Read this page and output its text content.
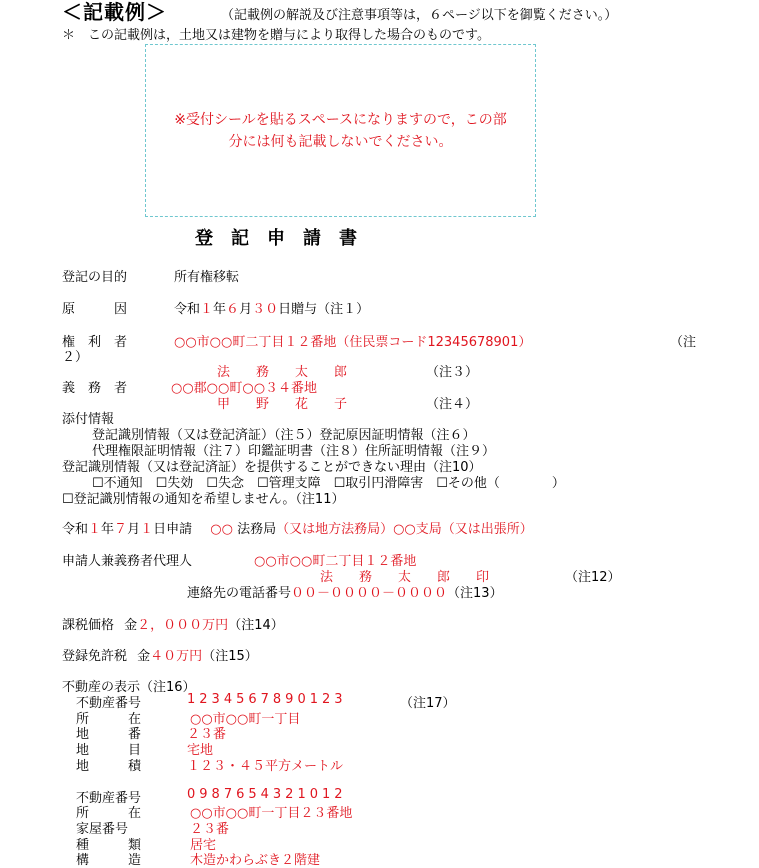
＜記載例＞	（記載例の解説及び注意事項等は，６ページ以下を御覧ください。）
＊　この記載例は，土地又は建物を贈与により取得した場合のものです。
※受付シールを貼るスペースになりますので，この部
分には何も記載しないでください。
登記申請書
登記の目的	所有権移転
原　　　因	令和１年６月３０日贈与（注１）
権　利　者	○○市○○町二丁目１２番地（住民票コード12345678901）	（注
２）
法　　務　　太　　郎	（注３）
義　務　者	○○郡○○町○○３４番地
甲　　野　　花　　子	（注４）
添付情報
登記識別情報（又は登記済証）（注５）登記原因証明情報（注６）
代理権限証明情報（注７）印鑑証明書（注８）住所証明情報（注９）
登記識別情報（又は登記済証）を提供することができない理由（注10）
☐不通知　☐失効　☐失念　☐管理支障　☐取引円滑障害　☐その他（　　　　）
☐登記識別情報の通知を希望しません。（注11）
令和１年７月１日申請 ○○ 法務局（又は地方法務局）○○支局（又は出張所）
申請人兼義務者代理人	○○市○○町二丁目１２番地
法　　務　　太　　郎　　印	（注12）
連絡先の電話番号００－００００－００００（注13）
課税価格 金２，０００万円（注14）
登録免許税 金４０万円（注15）
不動産の表示（注16）
不動産番号	1234567890123	（注17）
所　　　在	○○市○○町一丁目
地　　　番	２３番
地　　　目	宅地
地　　　積	１２３・４５平方メートル
不動産番号	0987654321012
所　　　在	○○市○○町一丁目２３番地
家屋番号	２３番
種　　　類	居宅
構　　　造	木造かわらぶき２階建
